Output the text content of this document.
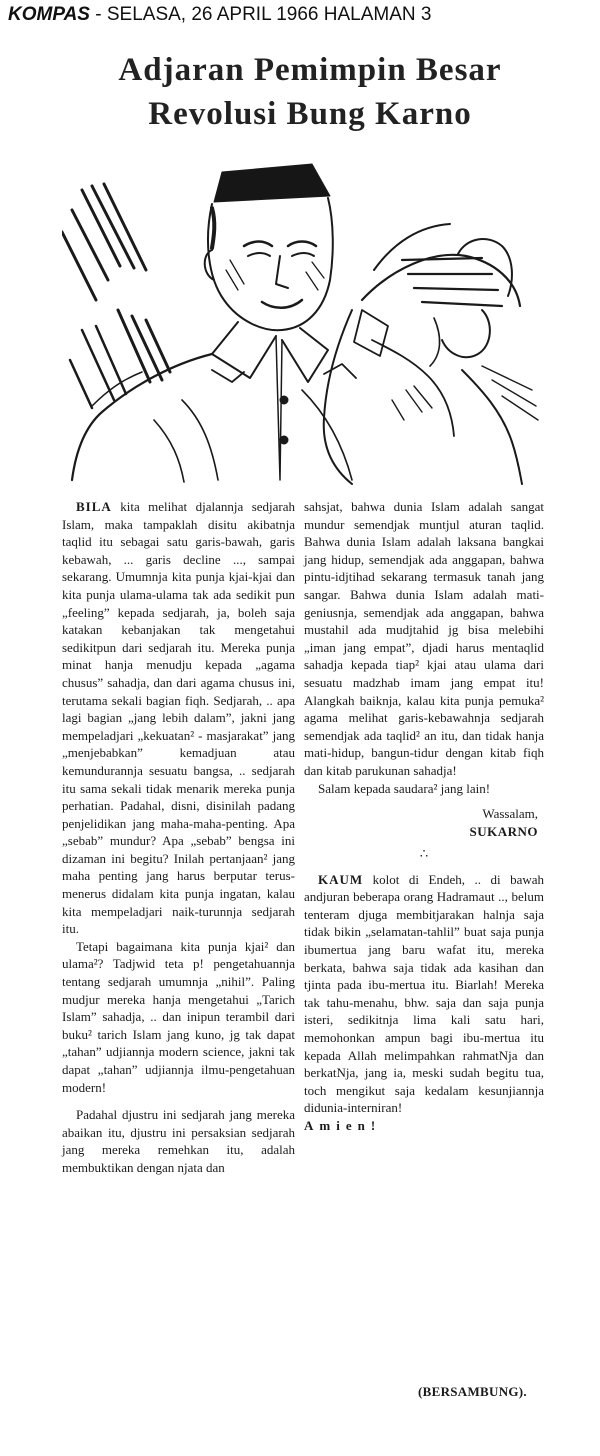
KOMPAS - SELASA, 26 APRIL 1966 HALAMAN 3
Adjaran Pemimpin Besar
Revolusi Bung Karno

BILA kita melihat djalannja sedjarah Islam, maka tampaklah disitu akibatnja taqlid itu sebagai satu garis-bawah, garis kebawah, ... garis decline ..., sampai sekarang. Umumnja kita punja kjai-kjai dan kita punja ulama-ulama tak ada sedikit pun „feeling” kepada sedjarah, ja, boleh saja katakan kebanjakan tak mengetahui sedikitpun dari sedjarah itu. Mereka punja minat hanja menudju kepada „agama chusus” sahadja, dan dari agama chusus ini, terutama sekali bagian fiqh. Sedjarah, .. apa lagi bagian „jang lebih dalam”, jakni jang mempeladjari „kekuatan² - masjarakat” jang „menjebabkan” kemadjuan atau kemundurannja sesuatu bangsa, .. sedjarah itu sama sekali tidak menarik mereka punja perhatian. Padahal, disni, disinilah padang penjelidikan jang maha-maha-penting. Apa „sebab” mundur? Apa „sebab” bengsa ini dizaman ini begitu? Inilah pertanjaan² jang maha penting jang harus berputar terus-menerus didalam kita punja ingatan, kalau kita mempeladjari naik-turunnja sedjarah itu.

Tetapi bagaimana kita punja kjai² dan ulama²? Tadjwid teta p! pengetahuannja tentang sedjarah umumnja „nihil”. Paling mudjur mereka hanja mengetahui „Tarich Islam” sahadja, .. dan inipun terambil dari buku² tarich Islam jang kuno, jg tak dapat „tahan” udjiannja modern science, jakni tak dapat „tahan” udjiannja ilmu-pengetahuan modern!

Padahal djustru ini sedjarah jang mereka abaikan itu, djustru ini persaksian sedjarah jang mereka remehkan itu, adalah membuktikan dengan njata dan

sahsjat, bahwa dunia Islam adalah sangat mundur semendjak muntjul aturan taqlid. Bahwa dunia Islam adalah laksana bangkai jang hidup, semendjak ada anggapan, bahwa pintu-idjtihad sekarang termasuk tanah jang sangar. Bahwa dunia Islam adalah mati-geniusnja, semendjak ada anggapan, bahwa mustahil ada mudjtahid jg bisa melebihi „iman jang empat”, djadi harus mentaqlid sahadja kepada tiap² kjai atau ulama dari sesuatu madzhab imam jang empat itu! Alangkah baiknja, kalau kita punja pemuka² agama melihat garis-kebawahnja sedjarah semendjak ada taqlid² an itu, dan tidak hanja mati-hidup, bangun-tidur dengan kitab fiqh dan kitab parukunan sahadja!

Salam kepada saudara² jang lain!

Wassalam,
SUKARNO
∴

KAUM kolot di Endeh, .. di bawah andjuran beberapa orang Hadramaut .., belum tenteram djuga membitjarakan halnja saja tidak bikin „selamatan-tahlil” buat saja punja ibumertua jang baru wafat itu, mereka berkata, bahwa saja tidak ada kasihan dan tjinta pada ibu-mertua itu. Biarlah! Mereka tak tahu-menahu, bhw. saja dan saja punja isteri, sedikitnja lima kali satu hari, memohonkan ampun bagi ibu-mertua itu kepada Allah melimpahkan rahmatNja dan berkatNja, jang ia, meski sudah begitu tua, toch mengikut saja kedalam kesunjiannja didunia-interniran!

Amien!

(BERSAMBUNG).
